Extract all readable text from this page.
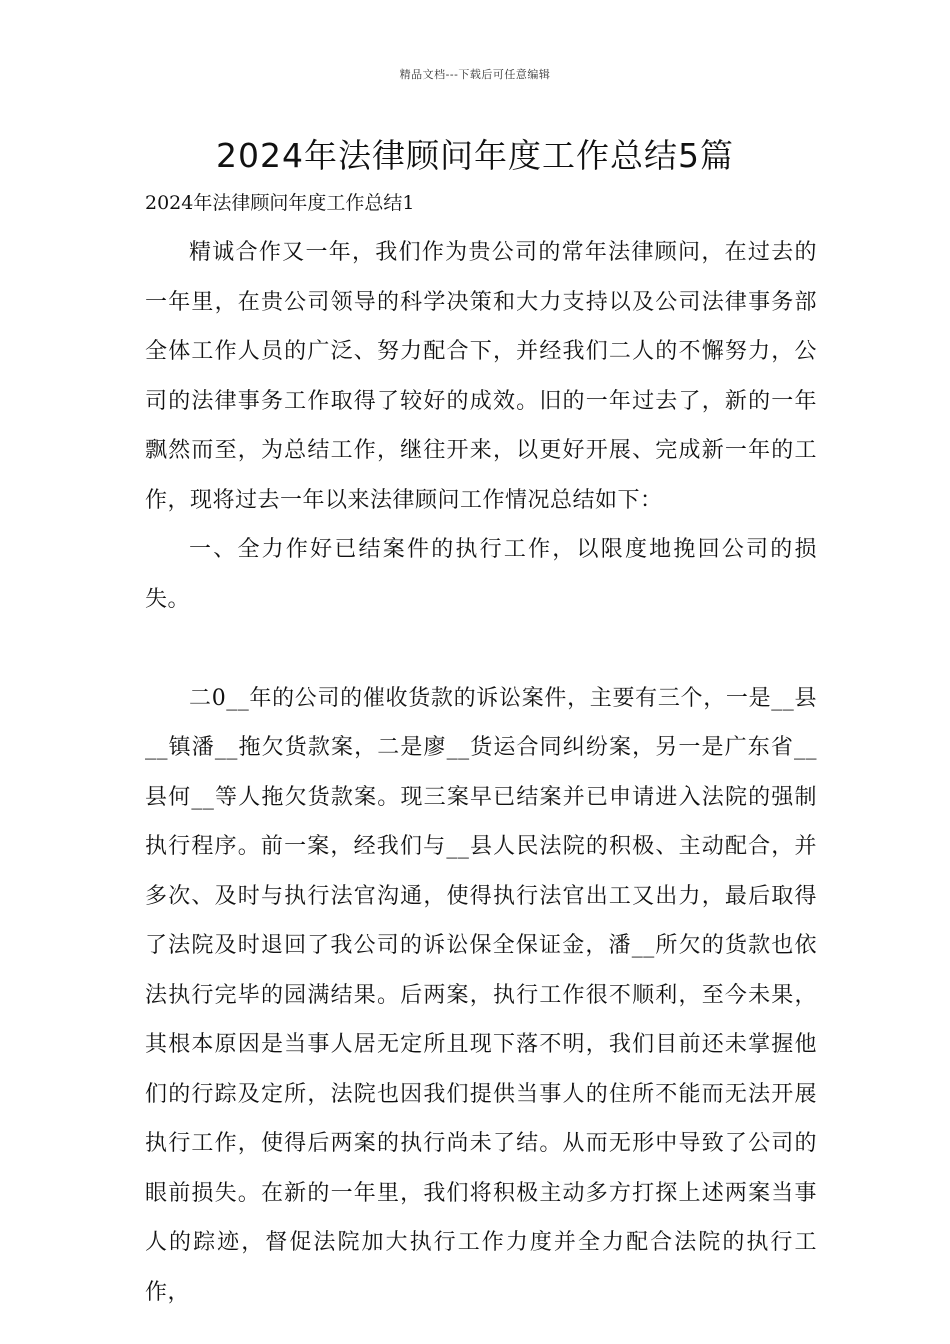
精品文档---下载后可任意编辑
2024年法律顾问年度工作总结5篇
2024年法律顾问年度工作总结1

精诚合作又一年，我们作为贵公司的常年法律顾问，在过去的一年里，在贵公司领导的科学决策和大力支持以及公司法律事务部全体工作人员的广泛、努力配合下，并经我们二人的不懈努力，公司的法律事务工作取得了较好的成效。旧的一年过去了，新的一年飘然而至，为总结工作，继往开来，以更好开展、完成新一年的工作，现将过去一年以来法律顾问工作情况总结如下：

一、全力作好已结案件的执行工作，以限度地挽回公司的损失。

二0__年的公司的催收货款的诉讼案件，主要有三个，一是__县__镇潘__拖欠货款案，二是廖__货运合同纠纷案，另一是广东省__县何__等人拖欠货款案。现三案早已结案并已申请进入法院的强制执行程序。前一案，经我们与__县人民法院的积极、主动配合，并多次、及时与执行法官沟通，使得执行法官出工又出力，最后取得了法院及时退回了我公司的诉讼保全保证金，潘__所欠的货款也依法执行完毕的园满结果。后两案，执行工作很不顺利，至今未果，其根本原因是当事人居无定所且现下落不明，我们目前还未掌握他们的行踪及定所，法院也因我们提供当事人的住所不能而无法开展执行工作，使得后两案的执行尚未了结。从而无形中导致了公司的眼前损失。在新的一年里，我们将积极主动多方打探上述两案当事人的踪迹，督促法院加大执行工作力度并全力配合法院的执行工作，
